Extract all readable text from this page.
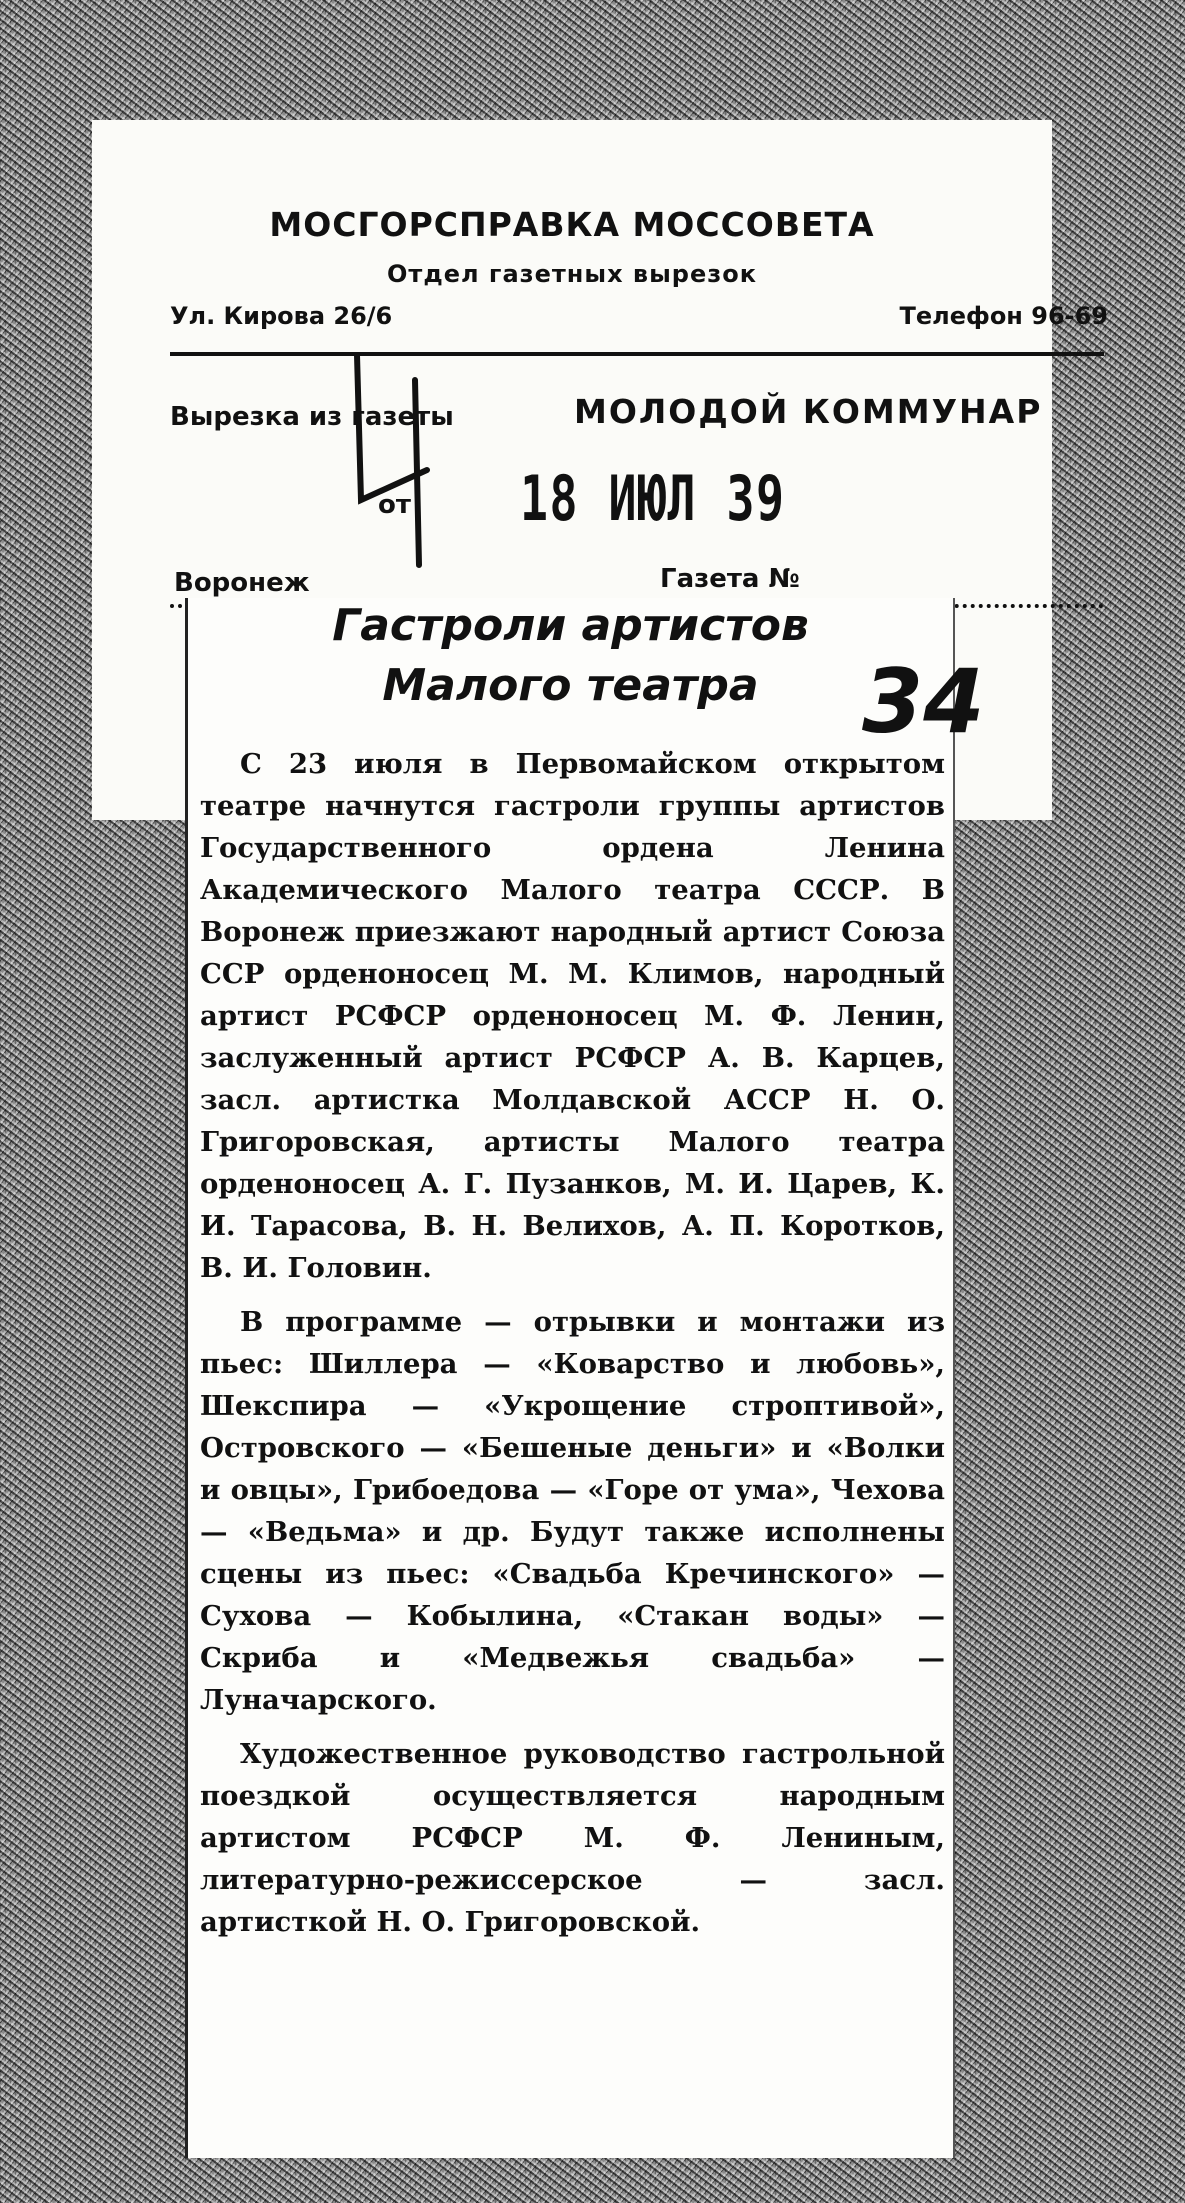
МОСГОРСПРАВКА МОССОВЕТА
Отдел газетных вырезок
Ул. Кирова 26/6	Телефон 96-69
Вырезка из газеты	МОЛОДОЙ КОММУНАР
от 18 ИЮЛ 39
Воронеж	Газета №
Гастроли артистов
Малого театра

С 23 июля в Первомайском открытом театре начнутся гастроли группы артистов Государственного ордена Ленина Академического Малого театра СССР. В Воронеж приезжают народный артист Союза ССР орденоносец М. М. Климов, народный артист РСФСР орденоносец М. Ф. Ленин, заслуженный артист РСФСР А. В. Карцев, засл. артистка Молдавской АССР Н. О. Григоровская, артисты Малого театра орденоносец А. Г. Пузанков, М. И. Царев, К. И. Тарасова, В. Н. Велихов, А. П. Коротков, В. И. Головин.

В программе — отрывки и монтажи из пьес: Шиллера — «Коварство и любовь», Шекспира — «Укрощение строптивой», Островского — «Бешеные деньги» и «Волки и овцы», Грибоедова — «Горе от ума», Чехова — «Ведьма» и др. Будут также исполнены сцены из пьес: «Свадьба Кречинского» — Сухова — Кобылина, «Стакан воды» — Скриба и «Медвежья свадьба» — Луначарского.

Художественное руководство гастрольной поездкой осуществляется народным артистом РСФСР М. Ф. Лениным, литературно-режиссерское — засл. артисткой Н. О. Григоровской.

34
